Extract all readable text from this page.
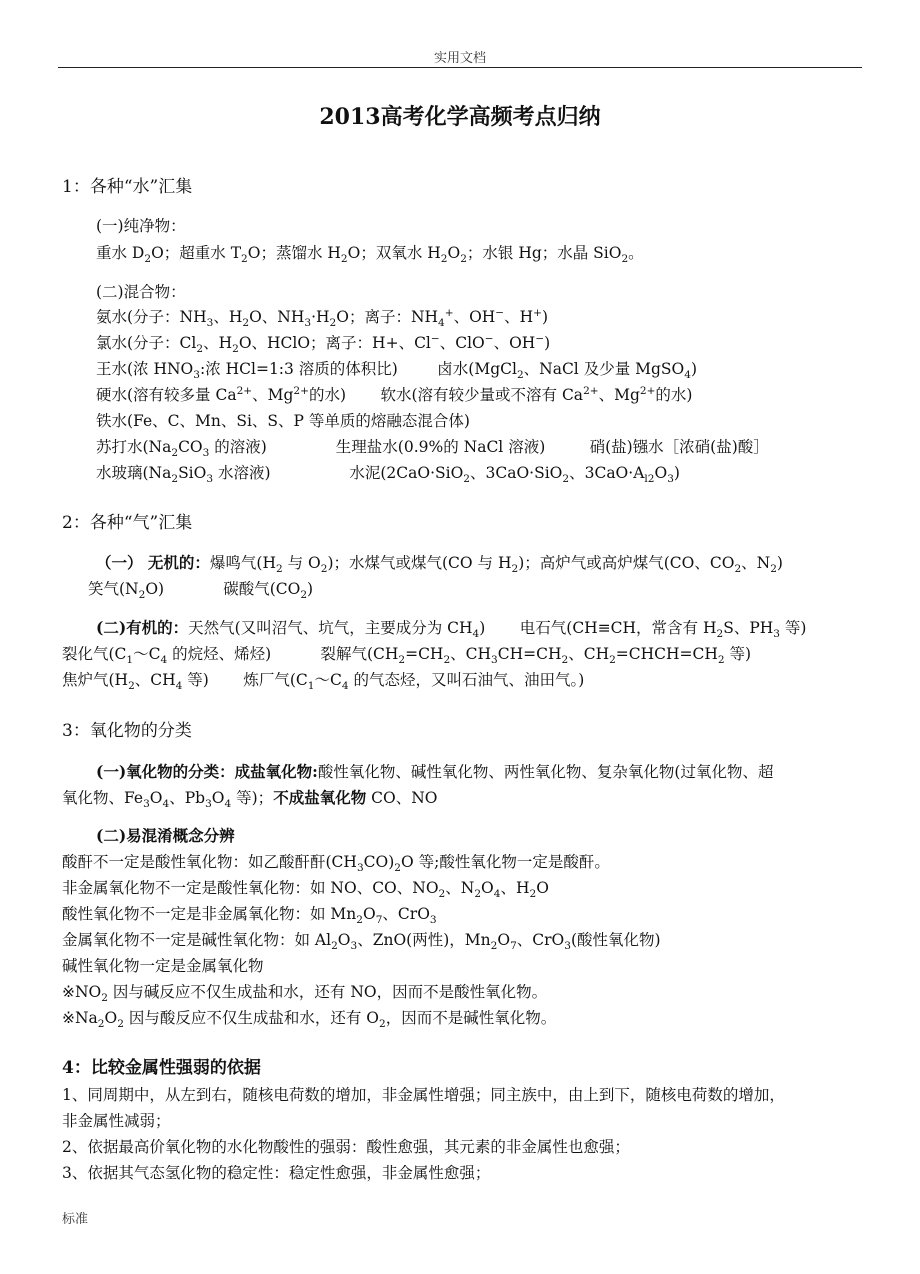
实用文档
2013高考化学高频考点归纳
1：各种“水”汇集
(一)纯净物：
重水 $D_2O$；超重水 $T_2O$；蒸馏水 $H_2O$；双氧水 $H_2O_2$；水银 Hg；水晶 SiO$_2$。
(二)混合物：
氨水(分子：$NH_3$、$H_2O$、$NH_3\cdot H_2O$；离子：$NH_4^+$、OH−、H+)
氯水(分子：$Cl_2$、$H_2O$、HClO；离子：H+、Cl−、ClO−、OH−)
王水(浓 $HNO_3$:浓 HCl=1:3 溶质的体积比)        卤水(MgCl$_2$、NaCl 及少量 MgSO$_4$)
硬水(溶有较多量 $Ca^{2+}$、$Mg^{2+}$的水)       软水(溶有较少量或不溶有 $Ca^{2+}$、$Mg^{2+}$的水)
铁水(Fe、C、Mn、Si、S、P 等单质的熔融态混合体)
苏打水($Na_2CO_3$ 的溶液)              生理盐水(0.9%的 NaCl 溶液)         硝(盐)镪水［浓硝(盐)酸］
水玻璃($Na_2SiO_3$ 水溶液)                水泥(2CaO·SiO$_2$、3CaO·SiO$_2$、$3CaO\cdot A_{l2}O_3$)
2：各种“气”汇集
（一） 无机的：爆鸣气($H_2$ 与 $O_2$)；水煤气或煤气(CO 与 $H_2$)；高炉气或高炉煤气(CO、$CO_2$、$N_2$)
笑气$(N_2O)$            碳酸气$(CO_2)$
(二)有机的：天然气(又叫沼气、坑气，主要成分为 $CH_4$)       电石气(CH≡CH，常含有 $H_2S$、$PH_3$ 等)
裂化气($C_1\sim C_4$ 的烷烃、烯烃)          裂解气($CH_2=CH_2$、$CH_3CH=CH_2$、$CH_2=CHCH=CH_2$ 等)
焦炉气($H_2$、$CH_4$ 等)       炼厂气($C_1\sim C_4$ 的气态烃，又叫石油气、油田气。)
3：氧化物的分类
(一)氧化物的分类：成盐氧化物:酸性氧化物、碱性氧化物、两性氧化物、复杂氧化物(过氧化物、超
氧化物、$Fe_3O_4$、$Pb_3O_4$ 等)；不成盐氧化物 CO、NO
(二)易混淆概念分辨
酸酐不一定是酸性氧化物：如乙酸酐酐$(CH_3CO)_2O$ 等;酸性氧化物一定是酸酐。
非金属氧化物不一定是酸性氧化物：如 NO、CO、$NO_2$、$N_2O_4$、$H_2O$
酸性氧化物不一定是非金属氧化物：如 $Mn_2O_7$、CrO$_3$
金属氧化物不一定是碱性氧化物：如 $Al_2O_3$、ZnO(两性)，$Mn_2O_7$、CrO$_3$(酸性氧化物)
碱性氧化物一定是金属氧化物
$※NO_2$ 因与碱反应不仅生成盐和水，还有 NO，因而不是酸性氧化物。
$※Na_2O_2$ 因与酸反应不仅生成盐和水，还有 $O_2$，因而不是碱性氧化物。
4：比较金属性强弱的依据
1、同周期中，从左到右，随核电荷数的增加，非金属性增强；同主族中，由上到下，随核电荷数的增加，
非金属性减弱；
2、依据最高价氧化物的水化物酸性的强弱：酸性愈强，其元素的非金属性也愈强；
3、依据其气态氢化物的稳定性：稳定性愈强，非金属性愈强；
标准
